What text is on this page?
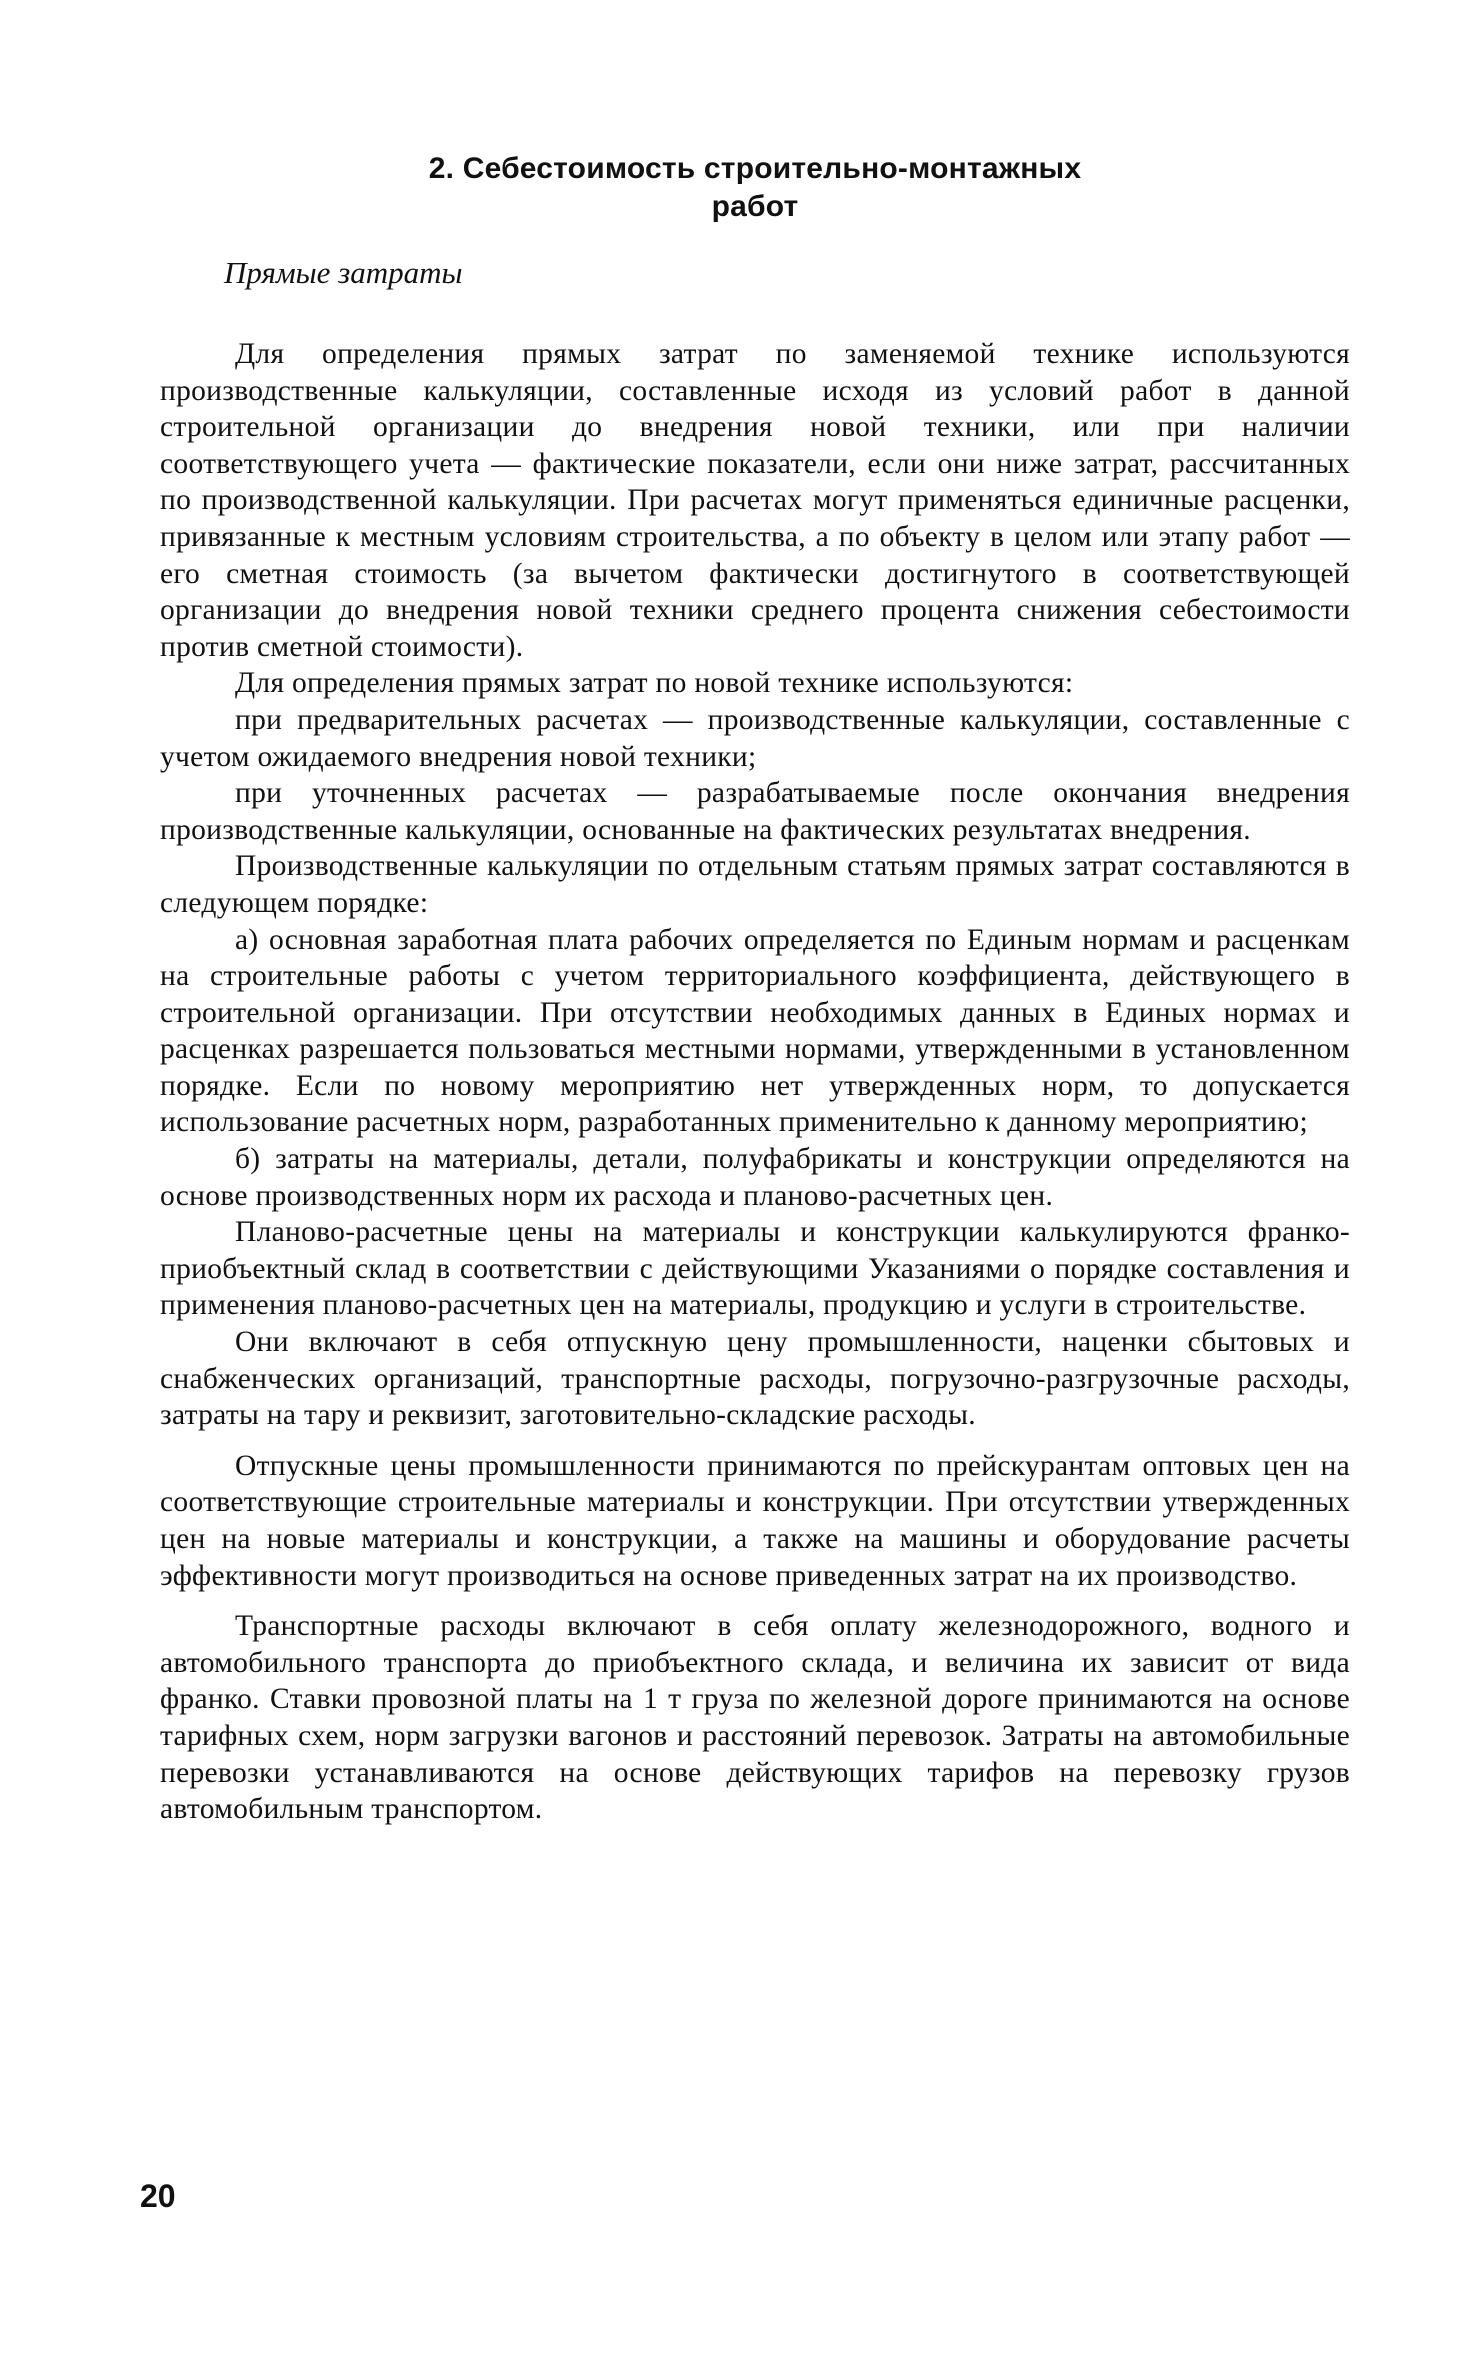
2. Себестоимость строительно-монтажных
работ
Прямые затраты

Для определения прямых затрат по заменяемой технике используются производственные калькуляции, составленные исходя из условий работ в данной строительной организации до внедрения новой техники, или при наличии соответствующего учета — фактические показатели, если они ниже затрат, рассчитанных по производственной калькуляции. При расчетах могут применяться единичные расценки, привязанные к местным условиям строительства, а по объекту в целом или этапу работ — его сметная стоимость (за вычетом фактически достигнутого в соответствующей организации до внедрения новой техники среднего процента снижения себестоимости против сметной стоимости).

Для определения прямых затрат по новой технике используются:

при предварительных расчетах — производственные калькуляции, составленные с учетом ожидаемого внедрения новой техники;

при уточненных расчетах — разрабатываемые после окончания внедрения производственные калькуляции, основанные на фактических результатах внедрения.

Производственные калькуляции по отдельным статьям прямых затрат составляются в следующем порядке:

а) основная заработная плата рабочих определяется по Единым нормам и расценкам на строительные работы с учетом территориального коэффициента, действующего в строительной организации. При отсутствии необходимых данных в Единых нормах и расценках разрешается пользоваться местными нормами, утвержденными в установленном порядке. Если по новому мероприятию нет утвержденных норм, то допускается использование расчетных норм, разработанных применительно к данному мероприятию;

б) затраты на материалы, детали, полуфабрикаты и конструкции определяются на основе производственных норм их расхода и планово-расчетных цен.

Планово-расчетные цены на материалы и конструкции калькулируются франко-приобъектный склад в соответствии с действующими Указаниями о порядке составления и применения планово-расчетных цен на материалы, продукцию и услуги в строительстве.

Они включают в себя отпускную цену промышленности, наценки сбытовых и снабженческих организаций, транспортные расходы, погрузочно-разгрузочные расходы, затраты на тару и реквизит, заготовительно-складские расходы.

Отпускные цены промышленности принимаются по прейскурантам оптовых цен на соответствующие строительные материалы и конструкции. При отсутствии утвержденных цен на новые материалы и конструкции, а также на машины и оборудование расчеты эффективности могут производиться на основе приведенных затрат на их производство.

Транспортные расходы включают в себя оплату железнодорожного, водного и автомобильного транспорта до приобъектного склада, и величина их зависит от вида франко. Ставки провозной платы на 1 т груза по железной дороге принимаются на основе тарифных схем, норм загрузки вагонов и расстояний перевозок. Затраты на автомобильные перевозки устанавливаются на основе действующих тарифов на перевозку грузов автомобильным транспортом.

20
